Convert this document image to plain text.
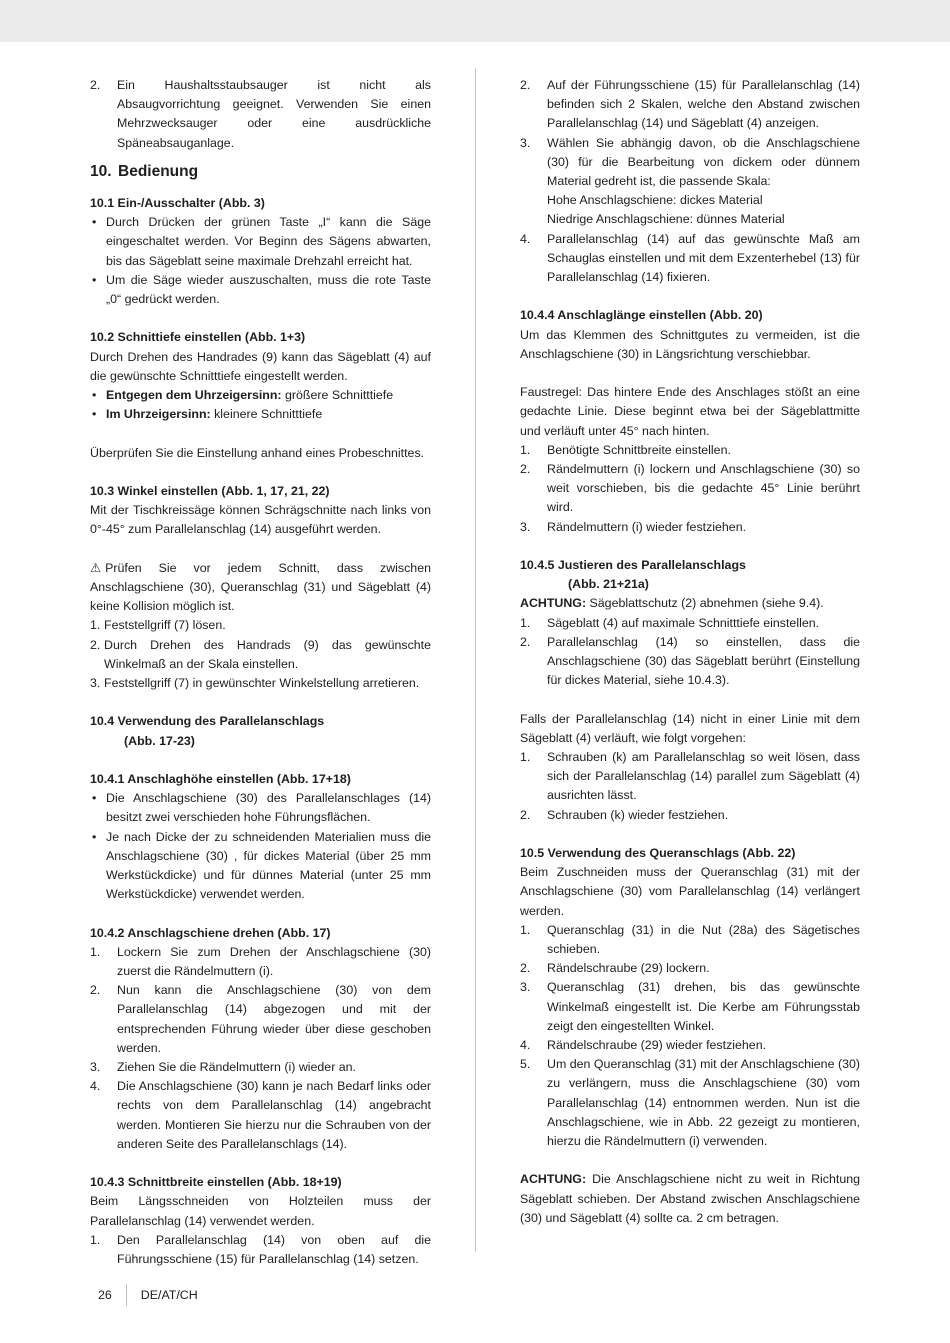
2.	Ein Haushaltsstaubsauger ist nicht als Absaugvorrichtung geeignet. Verwenden Sie einen Mehrzwecksauger oder eine ausdrückliche Späneabsauganlage.
10. Bedienung

10.1 Ein-/Ausschalter (Abb. 3)

• Durch Drücken der grünen Taste „I“ kann die Säge eingeschaltet werden. Vor Beginn des Sägens abwarten, bis das Sägeblatt seine maximale Drehzahl erreicht hat.
• Um die Säge wieder auszuschalten, muss die rote Taste „0“ gedrückt werden.

10.2 Schnittiefe einstellen (Abb. 1+3)

Durch Drehen des Handrades (9) kann das Sägeblatt (4) auf die gewünschte Schnitttiefe eingestellt werden.

• Entgegen dem Uhrzeigersinn: größere Schnitttiefe
• Im Uhrzeigersinn: kleinere Schnitttiefe

Überprüfen Sie die Einstellung anhand eines Probeschnittes.

10.3 Winkel einstellen (Abb. 1, 17, 21, 22)

Mit der Tischkreissäge können Schrägschnitte nach links von 0°-45° zum Parallelanschlag (14) ausgeführt werden.

⚠ Prüfen Sie vor jedem Schnitt, dass zwischen Anschlagschiene (30), Queranschlag (31) und Sägeblatt (4) keine Kollision möglich ist.

1. Feststellgriff (7) lösen.
2. Durch Drehen des Handrads (9) das gewünschte Winkelmaß an der Skala einstellen.
3. Feststellgriff (7) in gewünschter Winkelstellung arretieren.

10.4 Verwendung des Parallelanschlags

(Abb. 17-23)

10.4.1 Anschlaghöhe einstellen (Abb. 17+18)

• Die Anschlagschiene (30) des Parallelanschlages (14) besitzt zwei verschieden hohe Führungsflächen.
• Je nach Dicke der zu schneidenden Materialien muss die Anschlagschiene (30) , für dickes Material (über 25 mm Werkstückdicke) und für dünnes Material (unter 25 mm Werkstückdicke) verwendet werden.

10.4.2 Anschlagschiene drehen (Abb. 17)

1.	Lockern Sie zum Drehen der Anschlagschiene (30) zuerst die Rändelmuttern (i).
2.	Nun kann die Anschlagschiene (30) von dem Parallelanschlag (14) abgezogen und mit der entsprechenden Führung wieder über diese geschoben werden.
3.	Ziehen Sie die Rändelmuttern (i) wieder an.
4.	Die Anschlagschiene (30) kann je nach Bedarf links oder rechts von dem Parallelanschlag (14) angebracht werden. Montieren Sie hierzu nur die Schrauben von der anderen Seite des Parallelanschlags (14).

10.4.3 Schnittbreite einstellen (Abb. 18+19)

Beim Längsschneiden von Holzteilen muss der Parallelanschlag (14) verwendet werden.

1.	Den Parallelanschlag (14) von oben auf die Führungsschiene (15) für Parallelanschlag (14) setzen.
2.	Auf der Führungsschiene (15) für Parallelanschlag (14) befinden sich 2 Skalen, welche den Abstand zwischen Parallelanschlag (14) und Sägeblatt (4) anzeigen.
3.	Wählen Sie abhängig davon, ob die Anschlagschiene (30) für die Bearbeitung von dickem oder dünnem Material gedreht ist, die passende Skala:
Hohe Anschlagschiene: dickes Material
Niedrige Anschlagschiene: dünnes Material
4.	Parallelanschlag (14) auf das gewünschte Maß am Schauglas einstellen und mit dem Exzenterhebel (13) für Parallelanschlag (14) fixieren.

10.4.4 Anschlaglänge einstellen (Abb. 20)

Um das Klemmen des Schnittgutes zu vermeiden, ist die Anschlagschiene (30) in Längsrichtung verschiebbar.

Faustregel: Das hintere Ende des Anschlages stößt an eine gedachte Linie. Diese beginnt etwa bei der Sägeblattmitte und verläuft unter 45° nach hinten.

1.	Benötigte Schnittbreite einstellen.
2.	Rändelmuttern (i) lockern und Anschlagschiene (30) so weit vorschieben, bis die gedachte 45° Linie berührt wird.
3.	Rändelmuttern (i) wieder festziehen.

10.4.5 Justieren des Parallelanschlags

(Abb. 21+21a)

ACHTUNG: Sägeblattschutz (2) abnehmen (siehe 9.4).

1.	Sägeblatt (4) auf maximale Schnitttiefe einstellen.
2.	Parallelanschlag (14) so einstellen, dass die Anschlagschiene (30) das Sägeblatt berührt (Einstellung für dickes Material, siehe 10.4.3).

Falls der Parallelanschlag (14) nicht in einer Linie mit dem Sägeblatt (4) verläuft, wie folgt vorgehen:

1.	Schrauben (k) am Parallelanschlag so weit lösen, dass sich der Parallelanschlag (14) parallel zum Sägeblatt (4) ausrichten lässt.
2.	Schrauben (k) wieder festziehen.

10.5 Verwendung des Queranschlags (Abb. 22)

Beim Zuschneiden muss der Queranschlag (31) mit der Anschlagschiene (30) vom Parallelanschlag (14) verlängert werden.

1.	Queranschlag (31) in die Nut (28a) des Sägetisches schieben.
2.	Rändelschraube (29) lockern.
3.	Queranschlag (31) drehen, bis das gewünschte Winkelmaß eingestellt ist. Die Kerbe am Führungsstab zeigt den eingestellten Winkel.
4.	Rändelschraube (29) wieder festziehen.
5.	Um den Queranschlag (31) mit der Anschlagschiene (30) zu verlängern, muss die Anschlagschiene (30) vom Parallelanschlag (14) entnommen werden. Nun ist die Anschlagschiene, wie in Abb. 22 gezeigt zu montieren, hierzu die Rändelmuttern (i) verwenden.

ACHTUNG: Die Anschlagschiene nicht zu weit in Richtung Sägeblatt schieben. Der Abstand zwischen Anschlagschiene (30) und Sägeblatt (4) sollte ca. 2 cm betragen.

26 DE/AT/CH
